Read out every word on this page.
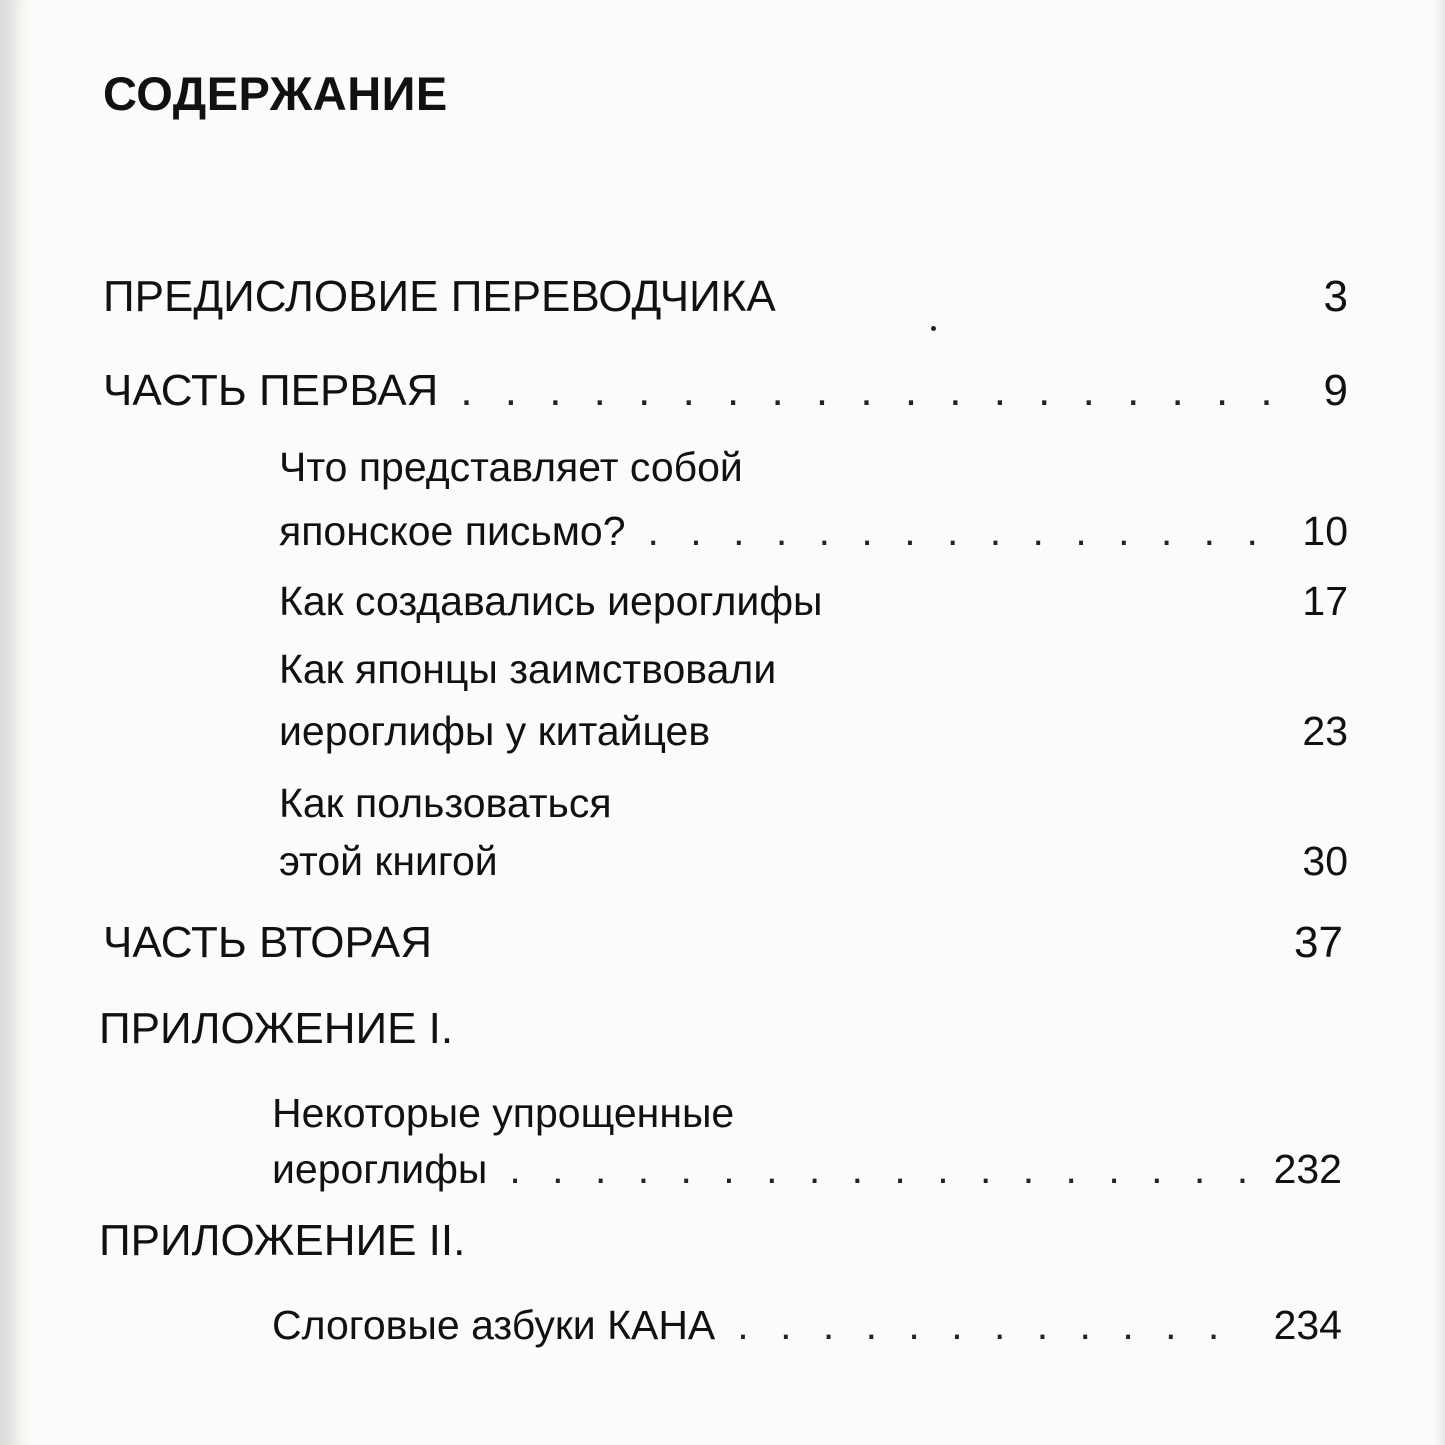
СОДЕРЖАНИЕ
ПРЕДИСЛОВИЕ ПЕРЕВОДЧИКА	3
ЧАСТЬ ПЕРВАЯ . . .	9
Что представляет собой
японское письмо? . . .	10
Как создавались иероглифы	17
Как японцы заимствовали
иероглифы у китайцев	23
Как пользоваться
этой книгой	30
ЧАСТЬ ВТОРАЯ	37
ПРИЛОЖЕНИЕ I.
Некоторые упрощенные
иероглифы . . .	232
ПРИЛОЖЕНИЕ II.
Слоговые азбуки КАНА . . .	234
